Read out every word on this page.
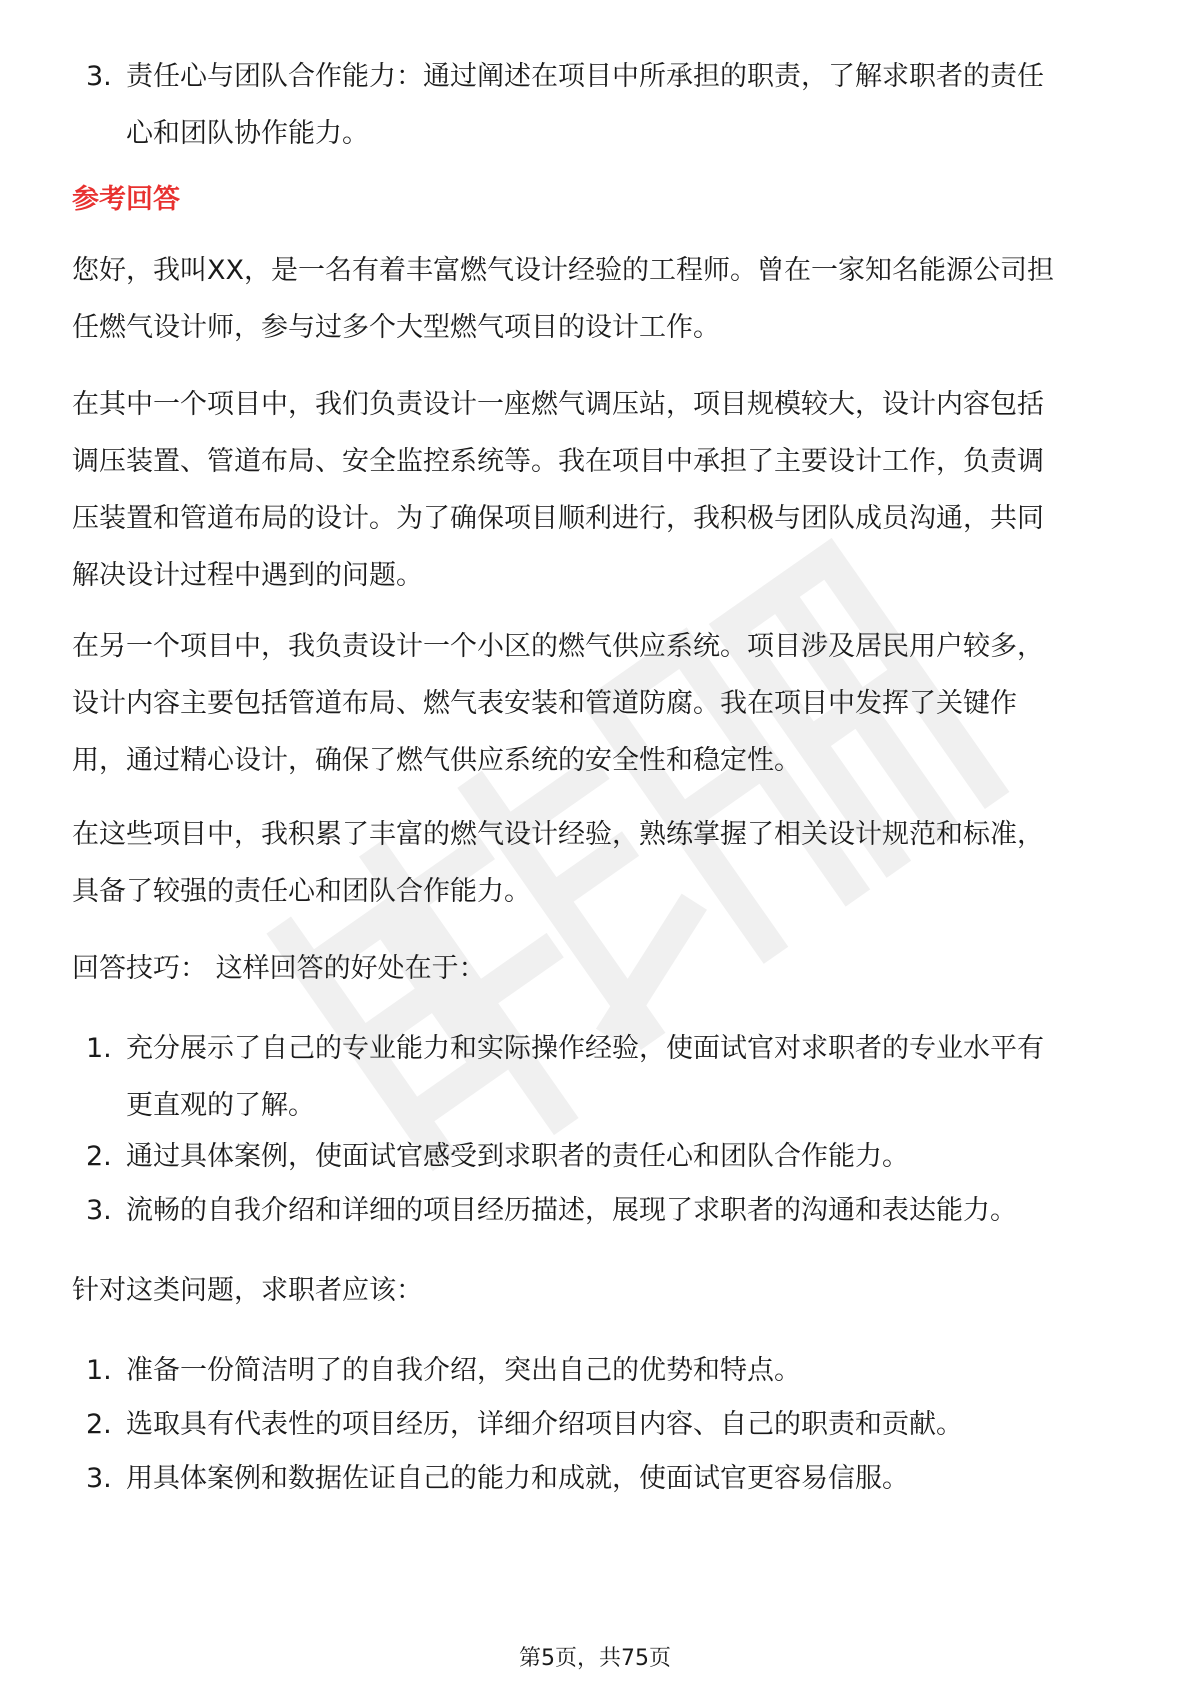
3. 责任心与团队合作能力：通过阐述在项目中所承担的职责，了解求职者的责任
心和团队协作能力。
参考回答
您好，我叫XX，是一名有着丰富燃气设计经验的工程师。曾在一家知名能源公司担
任燃气设计师，参与过多个大型燃气项目的设计工作。
在其中一个项目中，我们负责设计一座燃气调压站，项目规模较大，设计内容包括
调压装置、管道布局、安全监控系统等。我在项目中承担了主要设计工作，负责调
压装置和管道布局的设计。为了确保项目顺利进行，我积极与团队成员沟通，共同
解决设计过程中遇到的问题。
在另一个项目中，我负责设计一个小区的燃气供应系统。项目涉及居民用户较多，
设计内容主要包括管道布局、燃气表安装和管道防腐。我在项目中发挥了关键作
用，通过精心设计，确保了燃气供应系统的安全性和稳定性。
在这些项目中，我积累了丰富的燃气设计经验，熟练掌握了相关设计规范和标准，
具备了较强的责任心和团队合作能力。
回答技巧： 这样回答的好处在于：
1. 充分展示了自己的专业能力和实际操作经验，使面试官对求职者的专业水平有
更直观的了解。
2. 通过具体案例，使面试官感受到求职者的责任心和团队合作能力。
3. 流畅的自我介绍和详细的项目经历描述，展现了求职者的沟通和表达能力。
针对这类问题，求职者应该：
1. 准备一份简洁明了的自我介绍，突出自己的优势和特点。
2. 选取具有代表性的项目经历，详细介绍项目内容、自己的职责和贡献。
3. 用具体案例和数据佐证自己的能力和成就，使面试官更容易信服。
第5页，共75页
